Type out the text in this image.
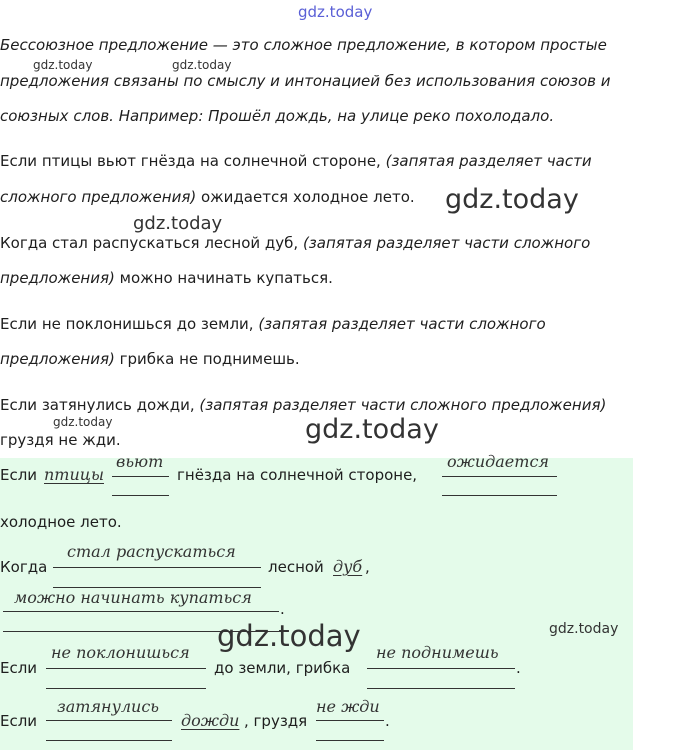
gdz.today
Бессоюзное предложение — это сложное предложение, в котором простые
gdz.today	gdz.today
предложения связаны по смыслу и интонацией без использования союзов и
союзных слов. Например: Прошёл дождь, на улице реко похолодало.
Если птицы вьют гнёзда на солнечной стороне, (запятая разделяет части
сложного предложения) ожидается холодное лето. gdz.today
gdz.today
Когда стал распускаться лесной дуб, (запятая разделяет части сложного
предложения) можно начинать купаться.
Если не поклонишься до земли, (запятая разделяет части сложного
предложения) грибка не поднимешь.
Если затянулись дожди, (запятая разделяет части сложного предложения)
gdz.today
груздя не жди.	gdz.today
Если птицы
вьют
гнёзда на солнечной стороне,
ожидается
холодное лето.
Когда
стал распускаться
лесной дуб ,
можно начинать купаться
.
gdz.today	gdz.today
Если
не поклонишься
до земли, грибка
не поднимешь
.
Если
затянулись
дожди , груздя
не жди
.
